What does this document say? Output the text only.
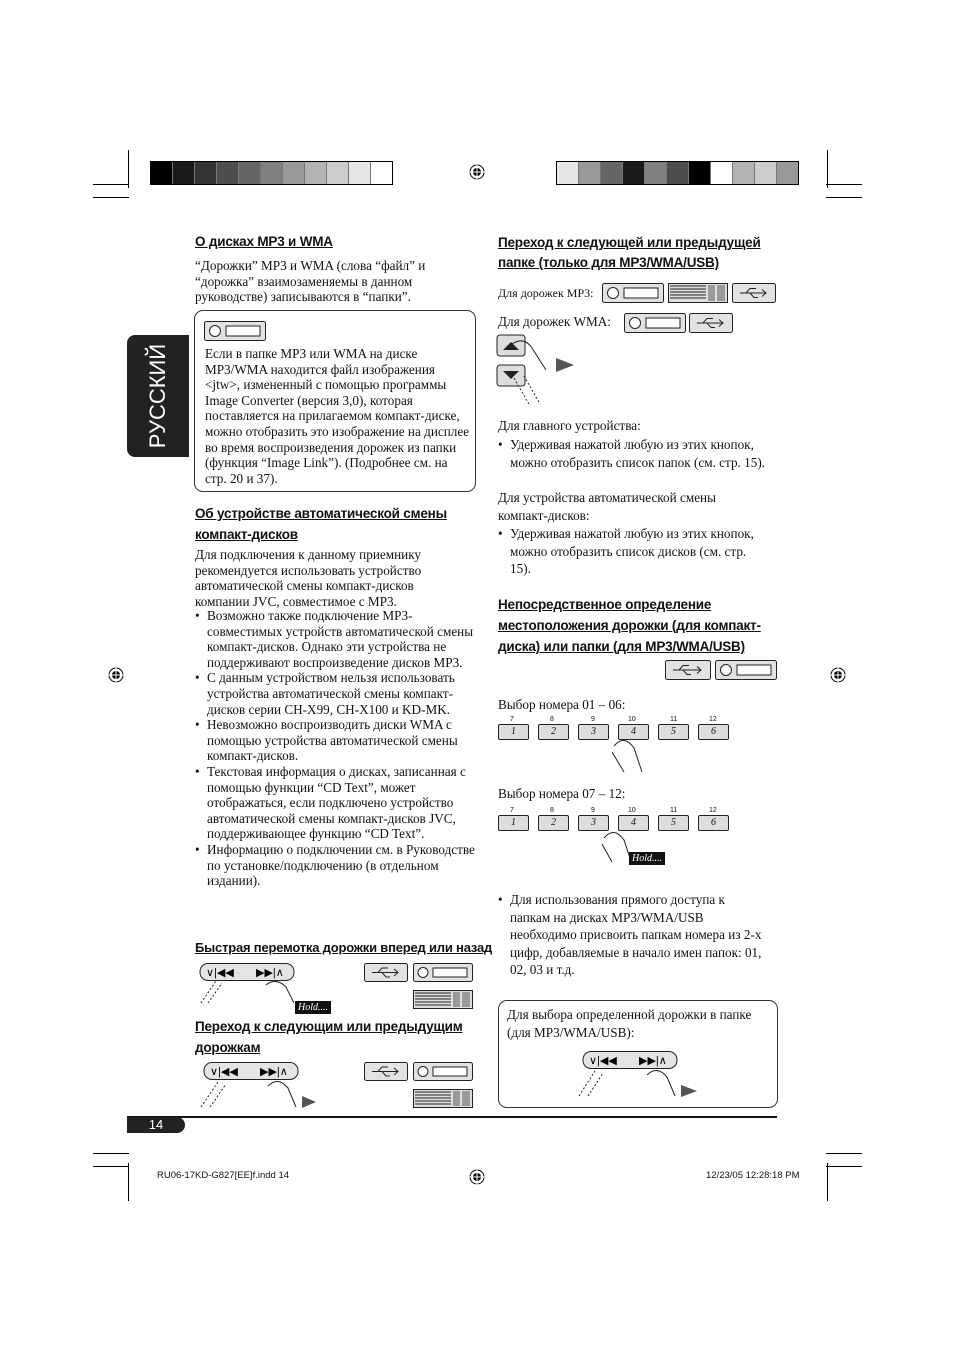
РУССКИЙ
О дисках MP3 и WMA
“Дорожки” MP3 и WMA (слова “файл” и “дорожка” взаимозаменяемы в данном руководстве) записываются в “папки”.
Если в папке MP3 или WMA на диске MP3/WMA находится файл изображения <jtw>, измененный с помощью программы Image Converter (версия 3,0), которая поставляется на прилагаемом компакт-диске, можно отобразить это изображение на дисплее во время воспроизведения дорожек из папки (функция “Image Link”). (Подробнее см. на стр. 20 и 37).
Об устройстве автоматической смены
компакт-дисков
Для подключения к данному приемнику рекомендуется использовать устройство автоматической смены компакт-дисков компании JVC, совместимое с MP3.
• Возможно также подключение MP3-совместимых устройств автоматической смены компакт-дисков. Однако эти устройства не поддерживают воспроизведение дисков MP3.
• С данным устройством нельзя использовать устройства автоматической смены компакт-дисков серии CH-X99, CH-X100 и KD-MK.
• Невозможно воспроизводить диски WMA с помощью устройства автоматической смены компакт-дисков.
• Текстовая информация о дисках, записанная с помощью функции “CD Text”, может отображаться, если подключено устройство автоматической смены компакт-дисков JVC, поддерживающее функцию “CD Text”.
• Информацию о подключении см. в Руководстве по установке/подключению (в отдельном издании).
Быстрая перемотка дорожки вперед или назад
∨|◀◀ ▶▶|∧
Hold....
Переход к следующим или предыдущим
дорожкам
∨|◀◀ ▶▶|∧
Переход к следующей или предыдущей
папке (только для MP3/WMA/USB)
Для дорожек MP3:
Для дорожек WMA:
Для главного устройства:
• Удерживая нажатой любую из этих кнопок, можно отобразить список папок (см. стр. 15).
Для устройства автоматической смены компакт-дисков:
• Удерживая нажатой любую из этих кнопок, можно отобразить список дисков (см. стр. 15).
Непосредственное определение
местоположения дорожки (для компакт-
диска) или папки (для MP3/WMA/USB)
Выбор номера 01 – 06:
7	8	9	10	11	12
1	2	3	4	5	6
Выбор номера 07 – 12:
7	8	9	10	11	12
1	2	3	4	5	6
Hold....
• Для использования прямого доступа к папкам на дисках MP3/WMA/USB необходимо присвоить папкам номера из 2-х цифр, добавляемые в начало имен папок: 01, 02, 03 и т.д.
Для выбора определенной дорожки в папке (для MP3/WMA/USB):
∨|◀◀ ▶▶|∧
14
RU06-17KD-G827[EE]f.indd 14	12/23/05 12:28:18 PM
